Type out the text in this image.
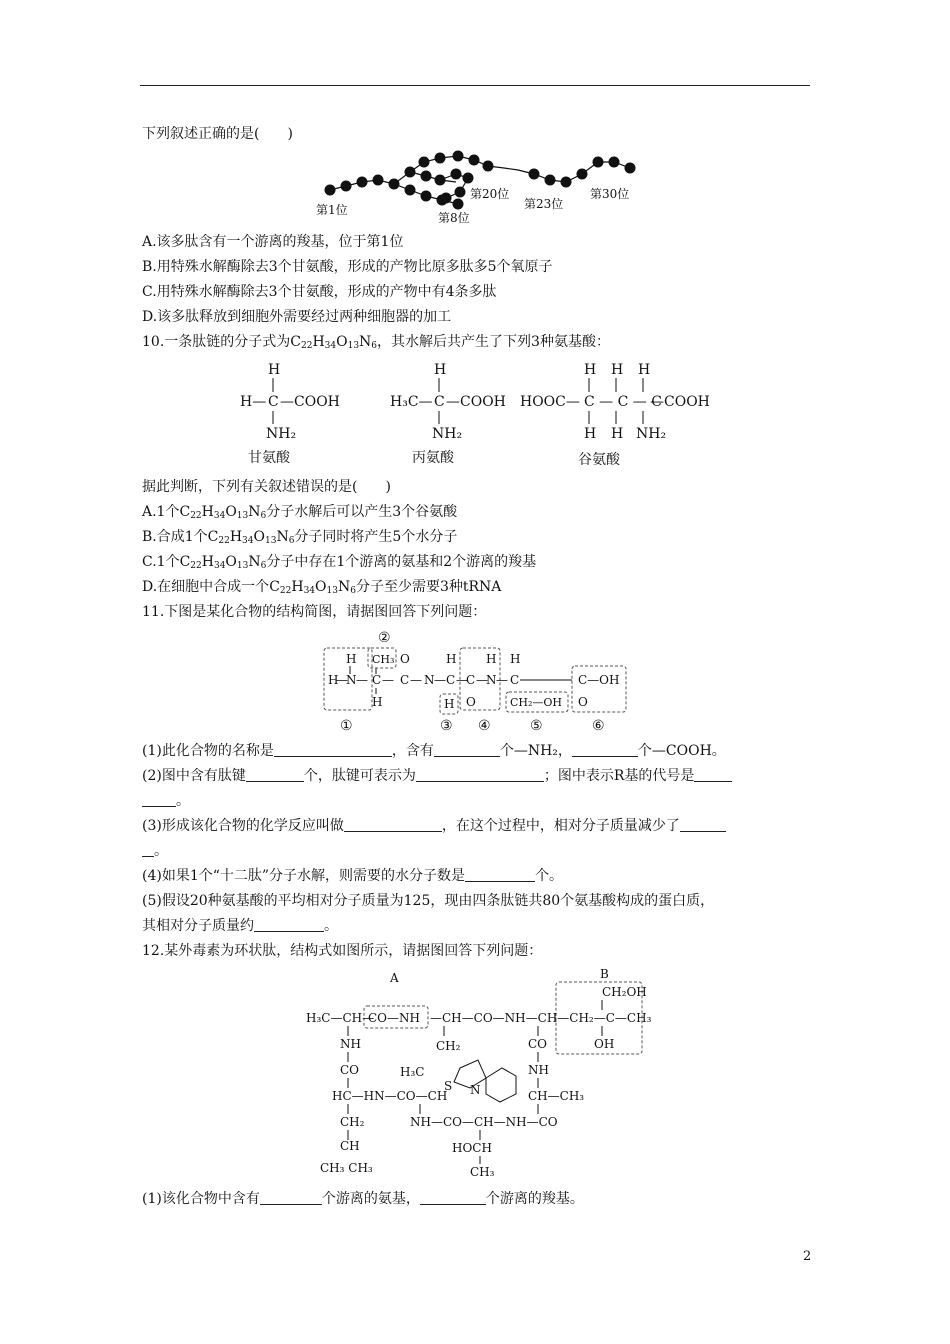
下列叙述正确的是(　　)
第1位
第8位
第20位
第23位
第30位
A.该多肽含有一个游离的羧基，位于第1位
B.用特殊水解酶除去3个甘氨酸，形成的产物比原多肽多5个氧原子
C.用特殊水解酶除去3个甘氨酸，形成的产物中有4条多肽
D.该多肽释放到细胞外需要经过两种细胞器的加工
10.一条肽链的分子式为$C_{22}H_{34}O_{13}N_6$，其水解后共产生了下列3种氨基酸：
H
H— C —COOH
NH₂
甘氨酸
H
H₃C— C —COOH
NH₂
丙氨酸
H H H
HOOC— C — C — C
—COOH
H H NH₂
谷氨酸
据此判断，下列有关叙述错误的是(　　)
A.1个$C_{22}H_{34}O_{13}N_6$分子水解后可以产生3个谷氨酸
B.合成1个$C_{22}H_{34}O_{13}N_6$分子同时将产生5个水分子
C.1个$C_{22}H_{34}O_{13}N_6$分子中存在1个游离的氨基和2个游离的羧基
D.在细胞中合成一个$C_{22}H_{34}O_{13}N_6$分子至少需要3种tRNA
11.下图是某化合物的结构简图，请据图回答下列问题：
②
CH₃
H
H
—
N — C
H
— C
O
— N — C
H
H
—
C
O
H
N
— — C
H
CH₂—OH
C—OH
O
①	③ ④	⑤	⑥
(1)此化合物的名称是	，含有	个—NH₂，	个—COOH。
(2)图中含有肽键	个，肽键可表示为	；图中表示R基的代号是
。
(3)形成该化合物的化学反应叫做	，在这个过程中，相对分子质量减少了
。
(4)如果1个“十二肽”分子水解，则需要的水分子数是	个。
(5)假设20种氨基酸的平均相对分子质量为125，现由四条肽链共80个氨基酸构成的蛋白质，
其相对分子质量约	。
12.某外毒素为环状肽，结构式如图所示，请据图回答下列问题：
A	B
CH₂OH
H₃C—CH—
CO—NH —CH—CO—NH—CH—CH₂—C—CH₃
OH
NH
CO
HC—HN—CO—CH
CH₂
CH
CH₃ CH₃
H₃C
CH₂
S N
CO
NH
CH—CH₃
NH—CO—CH—NH—CO
HOCH
CH₃
(1)该化合物中含有	个游离的氨基，	个游离的羧基。
2
